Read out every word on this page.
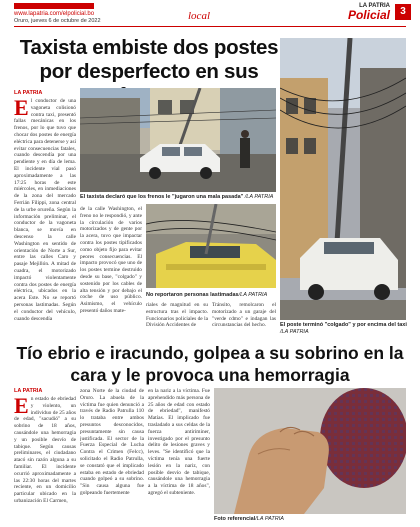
www.lapatria.com/elpolicial.bo
Oruro, jueves 6 de octubre de 2022	local
LA PATRIA
Policial	3
Taxista embiste dos postes por desperfecto en sus
LA PATRIA
El conductor de una vagoneta colisionó contra taxi, presentó fallas mecánicas en los frenos, por lo que tuvo que chocar dos postes de energía eléctrica para detenerse y así evitar consecuencias fatales, cuando descendía por una pendiente y en día de lema. El incidente vial pasó aproximadamente a las 17:25 horas de este miércoles, en inmediaciones de la zona del mercado Ferrián Filippi, zona central de la urbe orureña. Según la información preliminar, el conductor de la vagoneta blanca, se movía en descenso la calle Washington en sentido de orientación de Norte a Sur, entre las calles Caro y pasaje Mejillón. A mitad de cuadra, el motorizado impactó violentamente contra dos postes de energía eléctrica, ubicados en la acera Este. No se reportó personas lastimadas. Según el conductor del vehículo, cuando descendía
El taxista declaró que los frenos le "jugaron una mala pasada" /LA PATRIA
de la calle Washington, el freno no le respondió, y ante la circulación de varios motorizados y de gente por la acera, tuvo que impactar contra los postes tipificados como objeto fijo para evitar peores consecuencias. El impacto provocó que uno de los postes termine destruido desde su base, "colgado" y sostenido por los cables de alta tensión y por debajo el coche de uso público. Asimismo, el vehículo presentó daños mate-
No reportaron personas lastimadas/LA PATRIA
riales de magnitud en su estructura tras el impacto. Funcionarios policiales de la División Accidentes de
Tránsito, remolcaron el motorizado a un garaje del "verde cdmo" e indagan las circunstancias del hecho.	El poste terminó "colgado" y por encima del taxi /LA PATRIA
Tío ebrio e iracundo, golpea a su sobrino en la cara y le provoca una hemorragia
LA PATRIA
En estado de ebriedad y violento, un individuo de 25 años de edad, "sacudió" a su sobrino de 18 años, causándole una hemorragia y un posible desvío de tabique. Según causas preliminares, el ciudadano atacó sin razón alguna a su familiar. El incidente ocurrió aproximadamente a las 22:30 horas del martes reciente, en un domicilio particular ubicado en la urbanización El Carmen,
zona Norte de la ciudad de Oruro. La abuela de la víctima fue quien denunció a través de Radio Patrulla 110 lo trataba entre ambos presuntos desconocidos, presuntamente sin causa justificada. El sector de la Fuerza Especial de Lucha Contra el Crimen (Felcc), solicitado el Radio Patrulla, se constató que el implicado estaba en estado de ebriedad cuando golpeó a su sobrino. "Sin causa alguna fue golpeando fuertemente
en la nariz a la víctima. Fue aprehendido más persona de 25 años de edad con estado de ebriedad", manifestó Matías. El implicado fue trasladado a sus celdas de la fuerza antiriminer, investigado por el presunto delito de lesiones graves y leves. "Se identificó que la víctima tenía una fuerte lesión en la nariz, con posible desvío de tabique, causándole una hemorragia a la víctima de 18 años", agregó el subteniente.
Foto referencial/LA PATRIA
